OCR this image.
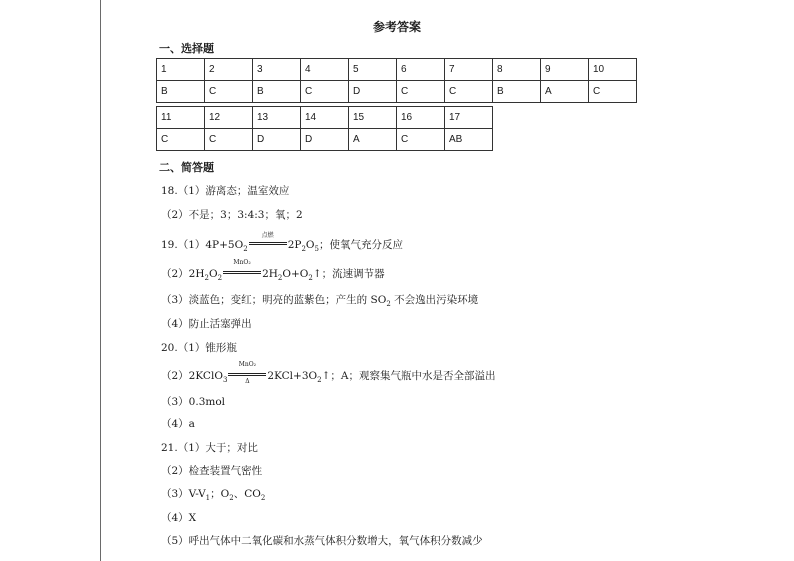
参考答案
一、选择题
1	2	3	4	5	6	7	8	9	10
B	C	B	C	D	C	C	B	A	C
11	12	13	14	15	16	17
C	C	D	D	A	C	AB
二、简答题
18.（1）游离态；温室效应
（2）不是；3；3:4:3；氧；2
$19.(1)4P+5O_2$
点燃
$2P_2O_5$；使氧气充分反应
$(2)2H_2O_2$
MnO₂
$2H_2O+O_2↑$；流速调节器
（3）淡蓝色；变红；明亮的蓝紫色；产生的 $SO_2$ 不会逸出污染环境
（4）防止活塞弹出
20.（1）锥形瓶
（2）2KClO$_3$
MnO₂
Δ	$2KCl+3O_2↑$；A；观察集气瓶中水是否全部溢出
（3）0.3mol
（4）a
21.（1）大于；对比
（2）检查装置气密性
$(3)V-V_1$；$O_2$、$CO_2$
（4）X
（5）呼出气体中二氧化碳和水蒸气体积分数增大，氧气体积分数减少
